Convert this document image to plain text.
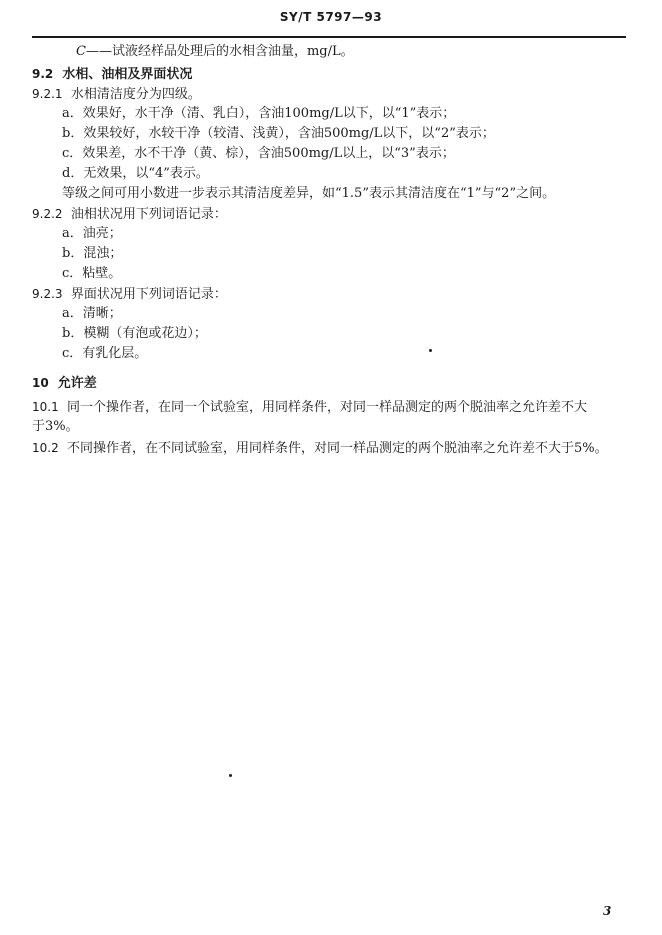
SY/T 5797—93
C——试液经样品处理后的水相含油量，mg/L。
9.2 水相、油相及界面状况
9.2.1 水相清洁度分为四级。
a．效果好，水干净（清、乳白），含油100mg/L以下，以“1”表示；
b．效果较好，水较干净（较清、浅黄），含油500mg/L以下，以“2”表示；
c．效果差，水不干净（黄、棕），含油500mg/L以上，以“3”表示；
d．无效果，以“4”表示。
等级之间可用小数进一步表示其清洁度差异，如“1.5”表示其清洁度在“1”与“2”之间。
9.2.2 油相状况用下列词语记录：
a．油亮；
b．混浊；
c．粘壁。
9.2.3 界面状况用下列词语记录：
a．清晰；
b．模糊（有泡或花边）；
c．有乳化层。
10 允许差
10.1 同一个操作者，在同一个试验室，用同样条件，对同一样品测定的两个脱油率之允许差不大
于3%。
10.2 不同操作者，在不同试验室，用同样条件，对同一样品测定的两个脱油率之允许差不大于5%。
3
